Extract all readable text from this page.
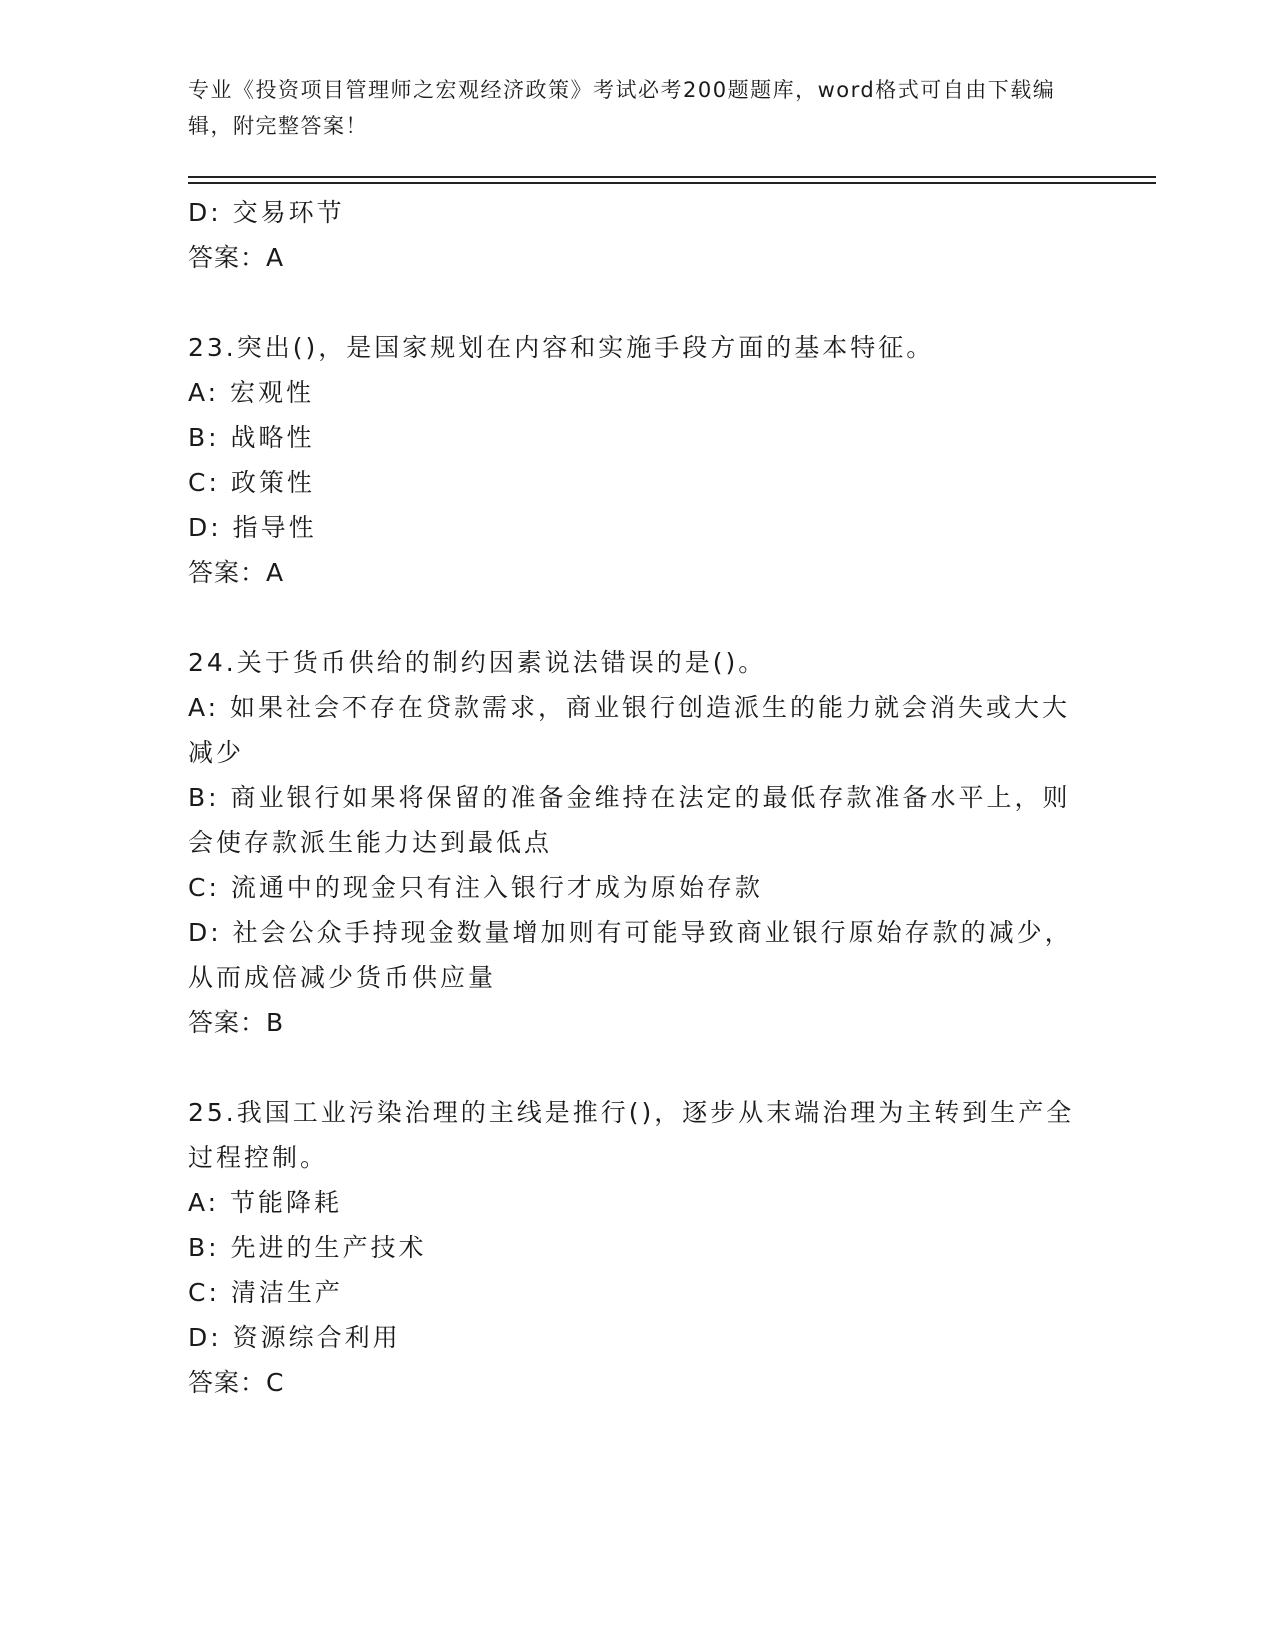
专业《投资项目管理师之宏观经济政策》考试必考200题题库，word格式可自由下载编辑，附完整答案！

D: 交易环节

答案：A

23.突出()，是国家规划在内容和实施手段方面的基本特征。

A: 宏观性

B: 战略性

C: 政策性

D: 指导性

答案：A

24.关于货币供给的制约因素说法错误的是()。

A: 如果社会不存在贷款需求，商业银行创造派生的能力就会消失或大大减少

B: 商业银行如果将保留的准备金维持在法定的最低存款准备水平上，则会使存款派生能力达到最低点

C: 流通中的现金只有注入银行才成为原始存款

D: 社会公众手持现金数量增加则有可能导致商业银行原始存款的减少，从而成倍减少货币供应量

答案：B

25.我国工业污染治理的主线是推行()，逐步从末端治理为主转到生产全过程控制。

A: 节能降耗

B: 先进的生产技术

C: 清洁生产

D: 资源综合利用

答案：C
